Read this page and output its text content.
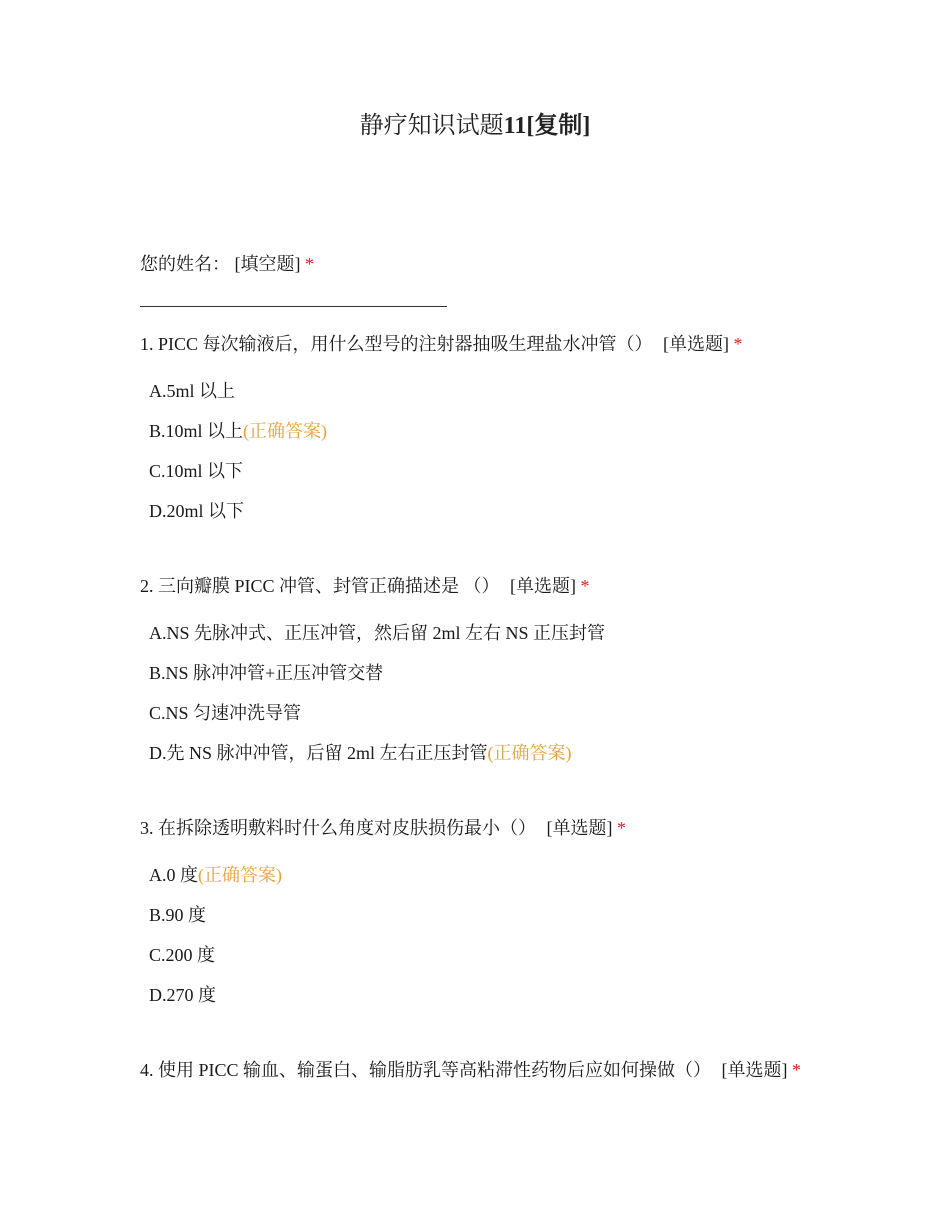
静疗知识试题11[复制]
您的姓名： [填空题] *
1. PICC 每次输液后，用什么型号的注射器抽吸生理盐水冲管（） [单选题] *
A.5ml 以上
B.10ml 以上(正确答案)
C.10ml 以下
D.20ml 以下
2. 三向瓣膜 PICC 冲管、封管正确描述是 （） [单选题] *
A.NS 先脉冲式、正压冲管，然后留 2ml 左右 NS 正压封管
B.NS 脉冲冲管+正压冲管交替
C.NS 匀速冲洗导管
D.先 NS 脉冲冲管，后留 2ml 左右正压封管(正确答案)
3. 在拆除透明敷料时什么角度对皮肤损伤最小（） [单选题] *
A.0 度(正确答案)
B.90 度
C.200 度
D.270 度
4. 使用 PICC 输血、输蛋白、输脂肪乳等高粘滞性药物后应如何操做（） [单选题] *
